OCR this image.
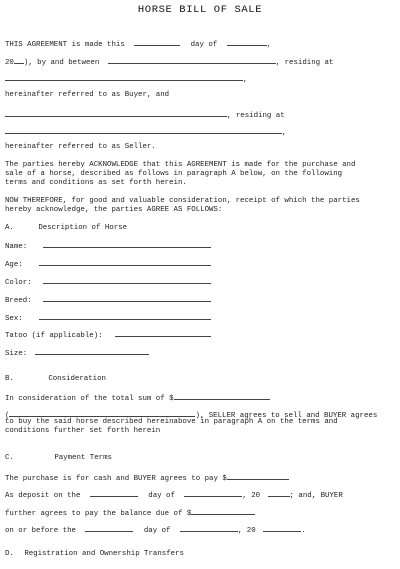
HORSE BILL OF SALE
THIS AGREEMENT is made this	day of	,
20 ), by and between	, residing at
,
hereinafter referred to as Buyer, and
, residing at
,
hereinafter referred to as Seller.
The parties hereby ACKNOWLEDGE that this AGREEMENT is made for the purchase and
sale of a horse, described as follows in paragraph A below, on the following
terms and conditions as set forth herein.
NOW THEREFORE, for good and valuable consideration, receipt of which the parties
hereby acknowledge, the parties AGREE AS FOLLOWS:
A.	Description of Horse
Name:
Age:
Color:
Breed:
Sex:
Tatoo (if applicable):
Size:
B.	Consideration
In consideration of the total sum of $
(	), SELLER agrees to sell and BUYER agrees
to buy the said horse described hereinabove in paragraph A on the terms and
conditions further set forth herein
C.	Payment Terms
The purchase is for cash and BUYER agrees to pay $
As deposit on the	day of	, 20	; and, BUYER
further agrees to pay the balance due of $
on or before the	day of	, 20	.
D. Registration and Ownership Transfers
